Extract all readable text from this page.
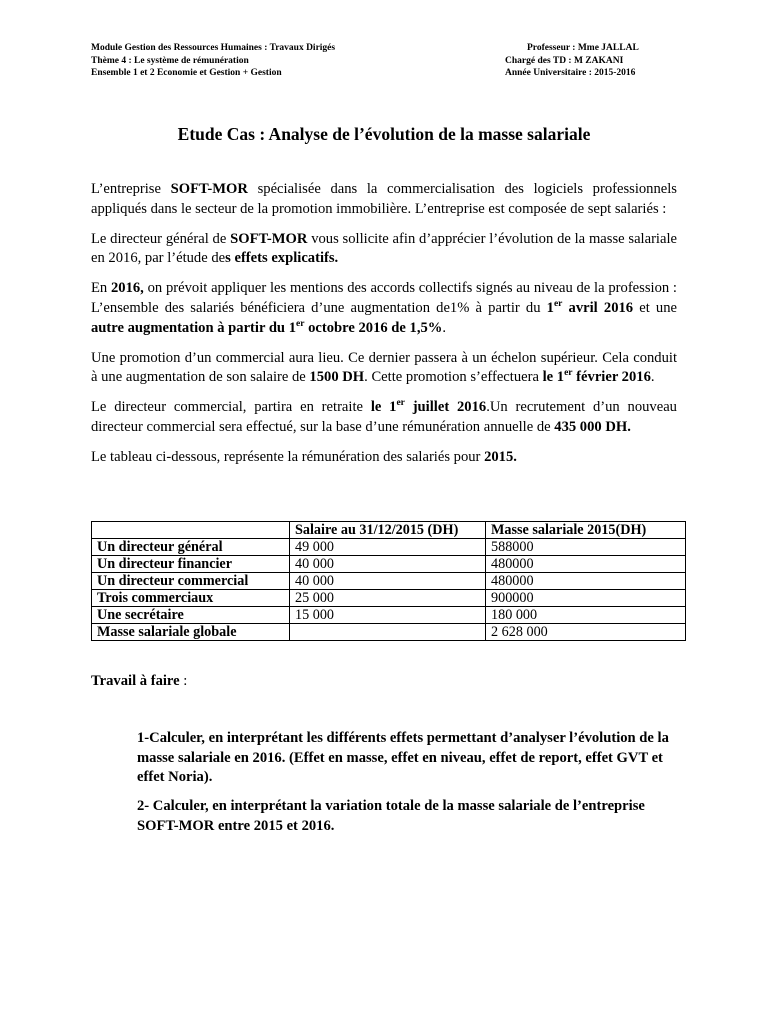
Module Gestion des Ressources Humaines : Travaux Dirigés
Thème 4 : Le système de rémunération
Ensemble 1 et 2 Economie et Gestion + Gestion
Professeur : Mme JALLAL
Chargé des TD : M ZAKANI
Année Universitaire : 2015-2016
Etude Cas : Analyse de l’évolution de la masse salariale

L’entreprise SOFT-MOR spécialisée dans la commercialisation des logiciels professionnels appliqués dans le secteur de la promotion immobilière. L’entreprise est composée de sept salariés :

Le directeur général de SOFT-MOR vous sollicite afin d’apprécier l’évolution de la masse salariale en 2016, par l’étude des effets explicatifs.

En 2016, on prévoit appliquer les mentions des accords collectifs signés au niveau de la profession : L’ensemble des salariés bénéficiera d’une augmentation de1% à partir du 1er avril 2016 et une autre augmentation à partir du 1er octobre 2016 de 1,5%.

Une promotion d’un commercial aura lieu. Ce dernier passera à un échelon supérieur. Cela conduit à une augmentation de son salaire de 1500 DH. Cette promotion s’effectuera le 1er février 2016.

Le directeur commercial, partira en retraite le 1er juillet 2016.Un recrutement d’un nouveau directeur commercial sera effectué, sur la base d’une rémunération annuelle de 435 000 DH.

Le tableau ci-dessous, représente la rémunération des salariés pour 2015.

	Salaire au 31/12/2015 (DH)	Masse salariale 2015(DH)
Un directeur général	49 000	588000
Un directeur financier	40 000	480000
Un directeur commercial	40 000	480000
Trois commerciaux	25 000	900000
Une secrétaire	15 000	180 000
Masse salariale globale		2 628 000
Travail à faire :
1-Calculer, en interprétant les différents effets permettant d’analyser l’évolution de la masse salariale en 2016. (Effet en masse, effet en niveau, effet de report, effet GVT et effet Noria).
2- Calculer, en interprétant la variation totale de la masse salariale de l’entreprise SOFT-MOR entre 2015 et 2016.
